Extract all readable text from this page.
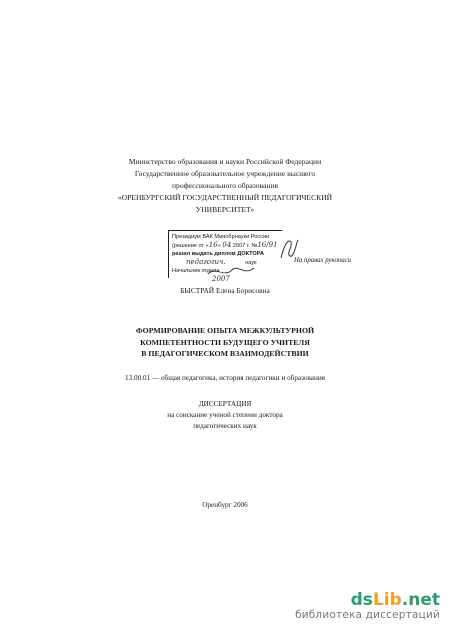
Министерство образования и науки Российской Федерации
Государственное образовательное учреждение высшего
профессионального образования
«ОРЕНБУРГСКИЙ ГОСУДАРСТВЕННЫЙ ПЕДАГОГИЧЕСКИЙ
УНИВЕРСИТЕТ»
Президиум ВАК Минобрнауки России
(решение от «16» 04 2007 г. №16/91
решил выдать диплом ДОКТОРА
педагогич.	наук
Начальник отдела
2007
На правах рукописи
БЫСТРАЙ Елена Борисовна
ФОРМИРОВАНИЕ ОПЫТА МЕЖКУЛЬТУРНОЙ
КОМПЕТЕНТНОСТИ БУДУЩЕГО УЧИТЕЛЯ
В ПЕДАГОГИЧЕСКОМ ВЗАИМОДЕЙСТВИИ
13.00.01 — общая педагогика, история педагогики и образования
ДИССЕРТАЦИЯ
на соискание ученой степени доктора
педагогических наук
Оренбург 2006
dsLib.net
библиотека диссертаций
